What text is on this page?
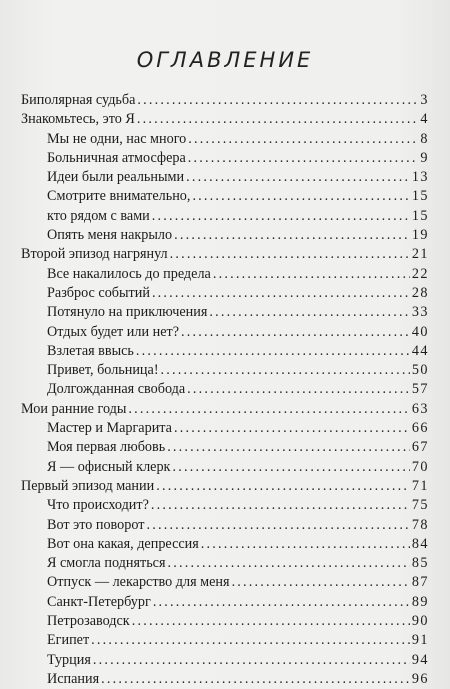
ОГЛАВЛЕНИЕ
Биполярная судьба .....	3
Знакомьтесь, это Я .....	4
Мы не одни, нас много .....	8
Больничная атмосфера .....	9
Идеи были реальными .....	13
Смотрите внимательно, .....	15
кто рядом с вами .....	15
Опять меня накрыло .....	19
Второй эпизод нагрянул .....	21
Все накалилось до предела .....	22
Разброс событий .....	28
Потянуло на приключения .....	33
Отдых будет или нет? .....	40
Взлетая ввысь .....	44
Привет, больница! .....	50
Долгожданная свобода .....	57
Мои ранние годы .....	63
Мастер и Маргарита .....	66
Моя первая любовь .....	67
Я — офисный клерк .....	70
Первый эпизод мании .....	71
Что происходит? .....	75
Вот это поворот .....	78
Вот она какая, депрессия .....	84
Я смогла подняться .....	85
Отпуск — лекарство для меня .....	87
Санкт-Петербург .....	89
Петрозаводск .....	90
Египет .....	91
Турция .....	94
Испания .....	96
